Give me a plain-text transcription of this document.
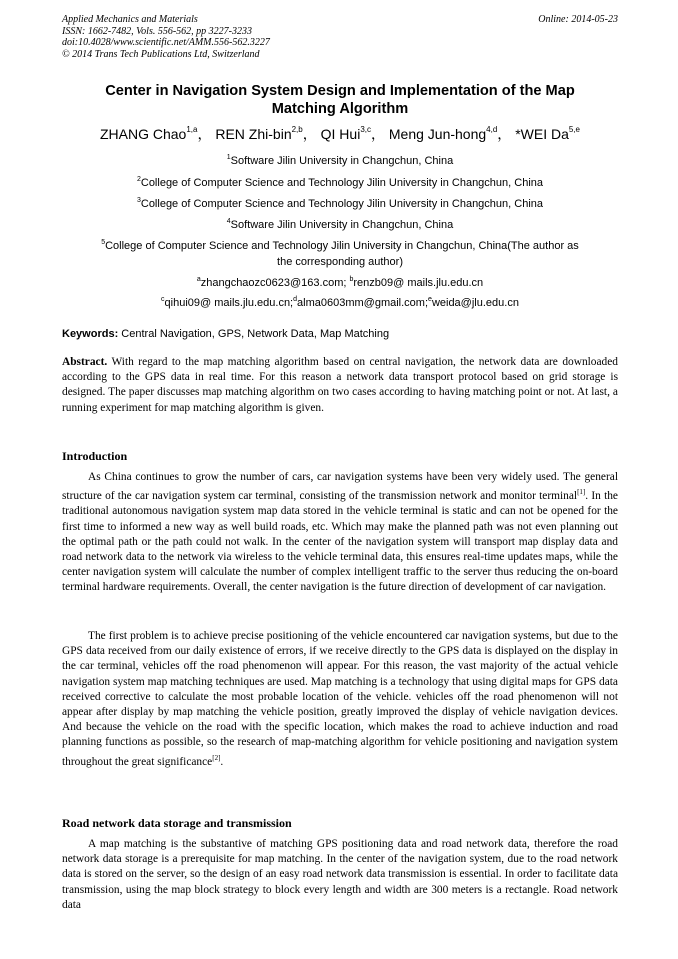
Applied Mechanics and Materials
ISSN: 1662-7482, Vols. 556-562, pp 3227-3233
doi:10.4028/www.scientific.net/AMM.556-562.3227
© 2014 Trans Tech Publications Ltd, Switzerland
Online: 2014-05-23
Center in Navigation System Design and Implementation of the Map
Matching Algorithm
ZHANG Chao$^{1,a}$， REN Zhi-bin$^{2,b}$， QI Hui$^{3,c}$， Meng Jun-hong$^{4,d}$， *WEI Da$^{5,e}$
$^1$Software Jilin University in Changchun, China
$^2$College of Computer Science and Technology Jilin University in Changchun, China
$^3$College of Computer Science and Technology Jilin University in Changchun, China
$^4$Software Jilin University in Changchun, China
$^5$College of Computer Science and Technology Jilin University in Changchun, China(The author as
the corresponding author)
$^a$zhangchaozc0623@163.com; $^b$renzb09@ mails.jlu.edu.cn
$^c$qihui09@ mails.jlu.edu.cn;$^d$alma0603mm@gmail.com;$^e$weida@jlu.edu.cn
Keywords: Central Navigation, GPS, Network Data, Map Matching
Abstract. With regard to the map matching algorithm based on central navigation, the network data are downloaded according to the GPS data in real time. For this reason a network data transport protocol based on grid storage is designed. The paper discusses map matching algorithm on two cases according to having matching point or not. At last, a running experiment for map matching algorithm is given.
Introduction
As China continues to grow the number of cars, car navigation systems have been very widely used. The general structure of the car navigation system car terminal, consisting of the transmission network and monitor terminal[1]. In the traditional autonomous navigation system map data stored in the vehicle terminal is static and can not be opened for the first time to informed a new way as well build roads, etc. Which may make the planned path was not even planning out the optimal path or the path could not walk. In the center of the navigation system will transport map display data and road network data to the network via wireless to the vehicle terminal data, this ensures real-time updates maps, while the center navigation system will calculate the number of complex intelligent traffic to the server thus reducing the on-board terminal hardware requirements. Overall, the center navigation is the future direction of development of car navigation.
The first problem is to achieve precise positioning of the vehicle encountered car navigation systems, but due to the GPS data received from our daily existence of errors, if we receive directly to the GPS data is displayed on the display in the car terminal, vehicles off the road phenomenon will appear. For this reason, the vast majority of the actual vehicle navigation system map matching techniques are used. Map matching is a technology that using digital maps for GPS data received corrective to calculate the most probable location of the vehicle. vehicles off the road phenomenon will not appear after display by map matching the vehicle position, greatly improved the display of vehicle navigation devices. And because the vehicle on the road with the specific location, which makes the road to achieve induction and road planning functions as possible, so the research of map-matching algorithm for vehicle positioning and navigation system throughout the great significance[2].
Road network data storage and transmission
A map matching is the substantive of matching GPS positioning data and road network data, therefore the road network data storage is a prerequisite for map matching. In the center of the navigation system, due to the road network data is stored on the server, so the design of an easy road network data transmission is essential. In order to facilitate data transmission, using the map block strategy to block every length and width are 300 meters is a rectangle. Road network data
